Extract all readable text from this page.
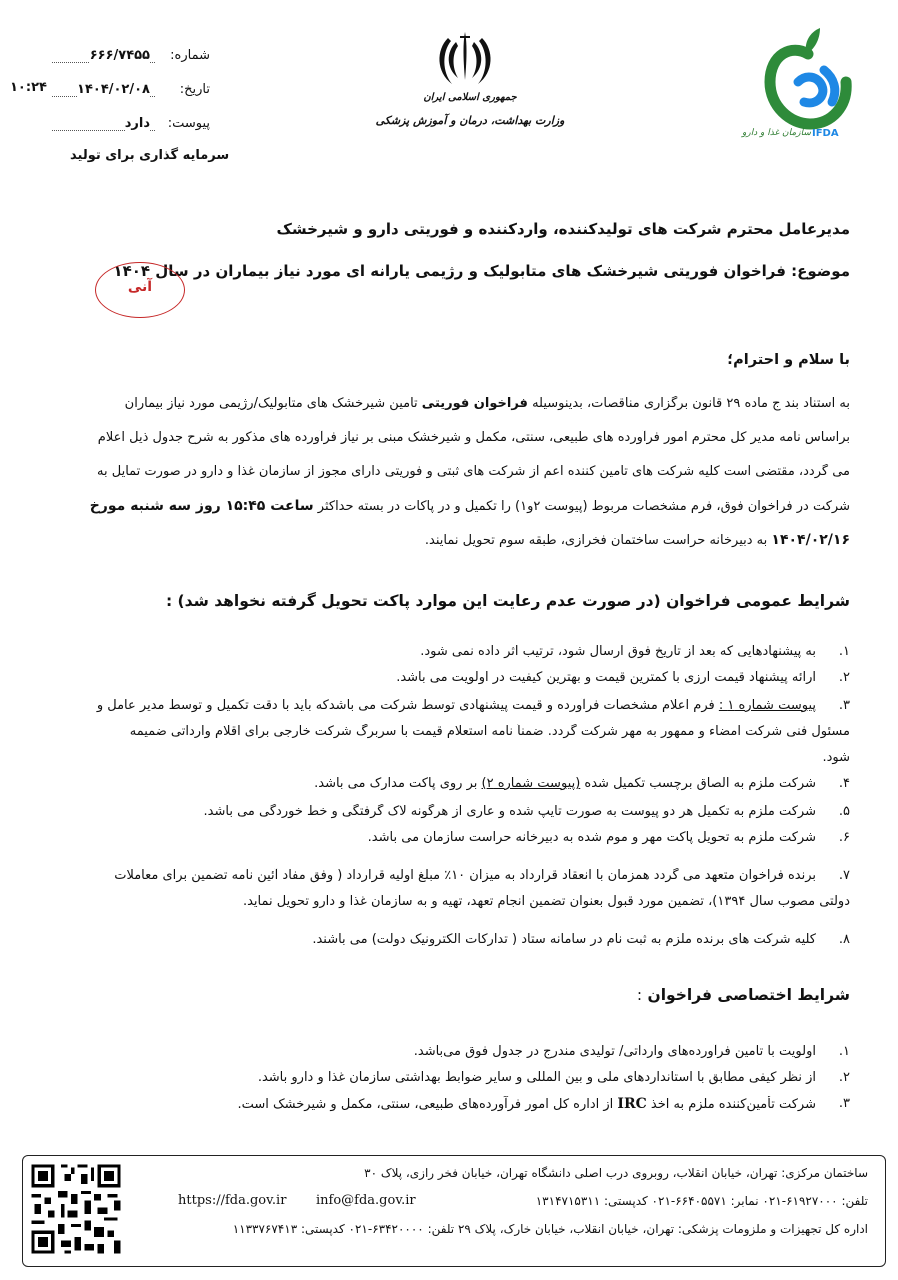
شماره:
۶۶۶/۷۴۵۵
تاریخ:
۱۴۰۴/۰۲/۰۸
۱۰:۲۴
پیوست:
دارد
سرمایه گذاری برای تولید
جمهوری اسلامی ایران
وزارت بهداشت، درمان و آموزش پزشکی
سازمان غذا و دارو IFDA
مدیرعامل محترم شرکت های تولیدکننده، واردکننده و فوریتی دارو و شیرخشک
موضوع: فراخوان فوریتی شیرخشک های متابولیک و رژیمی یارانه ای مورد نیاز بیماران در سال ۱۴۰۴
آنی
با سلام و احترام؛
به استناد بند ج ماده ۲۹ قانون برگزاری مناقصات، بدینوسیله فراخوان فوریتی تامین شیرخشک های متابولیک/رژیمی مورد نیاز بیماران
براساس نامه مدیر کل محترم امور فرآورده های طبیعی، سنتی، مکمل و شیرخشک مبنی بر نیاز فرآورده های مذکور به شرح جدول ذیل اعلام
می گردد، مقتضی است کلیه شرکت های تامین کننده اعم از شرکت های ثبتی و فوریتی دارای مجوز از سازمان غذا و دارو در صورت تمایل به
شرکت در فراخوان فوق، فرم مشخصات مربوط (پیوست ۲و۱) را تکمیل و در پاکات در بسته حداکثر ساعت ۱۵:۴۵ روز سه شنبه مورخ
۱۴۰۴/۰۲/۱۶ به دبیرخانه حراست ساختمان فخرازی، طبقه سوم تحویل نمایند.
شرایط عمومی فراخوان (در صورت عدم رعایت این موارد پاکت تحویل گرفته نخواهد شد) :
۱.
به پیشنهادهایی که بعد از تاریخ فوق ارسال شود، ترتیب اثر داده نمی شود.
۲.
ارائه پیشنهاد قیمت ارزی با کمترین قیمت و بهترین کیفیت در اولویت می باشد.
۳.
پیوست شماره ۱ : فرم اعلام مشخصات فرآورده و قیمت پیشنهادی توسط شرکت می باشدکه باید با دقت تکمیل و توسط مدیر عامل و
مسئول فنی شرکت امضاء و ممهور به مهر شرکت گردد. ضمناً نامه استعلام قیمت با سربرگ شرکت خارجی برای اقلام وارداتی ضمیمه
شود.
۴.
شرکت ملزم به الصاق برچسب تکمیل شده (پیوست شماره ۲) بر روی پاکت مدارک می باشد.
۵.
شرکت ملزم به تکمیل هر دو پیوست به صورت تایپ شده و عاری از هرگونه لاک گرفتگی و خط خوردگی می باشد.
۶.
شرکت ملزم به تحویل پاکت مهر و موم شده به دبیرخانه حراست سازمان می باشد.
۷.
برنده فراخوان متعهد می گردد همزمان با انعقاد قرارداد به میزان ۱۰٪ مبلغ اولیه قرارداد ( وفق مفاد آئین نامه تضمین برای معاملات
دولتی مصوب سال ۱۳۹۴)، تضمین مورد قبول بعنوان تضمین انجام تعهد، تهیه و به سازمان غذا و دارو تحویل نماید.
۸.
کلیه شرکت های برنده ملزم به ثبت نام در سامانه ستاد ( تدارکات الکترونیک دولت) می باشند.
شرایط اختصاصی فراخوان :
۱.
اولویت با تامین فرآورده‌های وارداتی/ تولیدی مندرج در جدول فوق می‌باشد.
۲.
از نظر کیفی مطابق با استانداردهای ملی و بین المللی و سایر ضوابط بهداشتی سازمان غذا و دارو باشد.
۳.
شرکت تأمین‌کننده ملزم به اخذ IRC از اداره کل امور فرآورده‌های طبیعی، سنتی، مکمل و شیرخشک است.
ساختمان مرکزی: تهران، خیابان انقلاب، روبروی درب اصلی دانشگاه تهران، خیابان فخر رازی، پلاک ۳۰
تلفن: ۶۱۹۲۷۰۰۰-۰۲۱ نمابر: ۶۶۴۰۵۵۷۱-۰۲۱ کدپستی: ۱۳۱۴۷۱۵۳۱۱
info@fda.gov.ir
https://fda.gov.ir
اداره کل تجهیزات و ملزومات پزشکی: تهران، خیابان انقلاب، خیابان خارک، پلاک ۲۹ تلفن: ۶۳۴۲۰۰۰۰-۰۲۱ کدپستی: ۱۱۳۳۷۶۷۴۱۳
